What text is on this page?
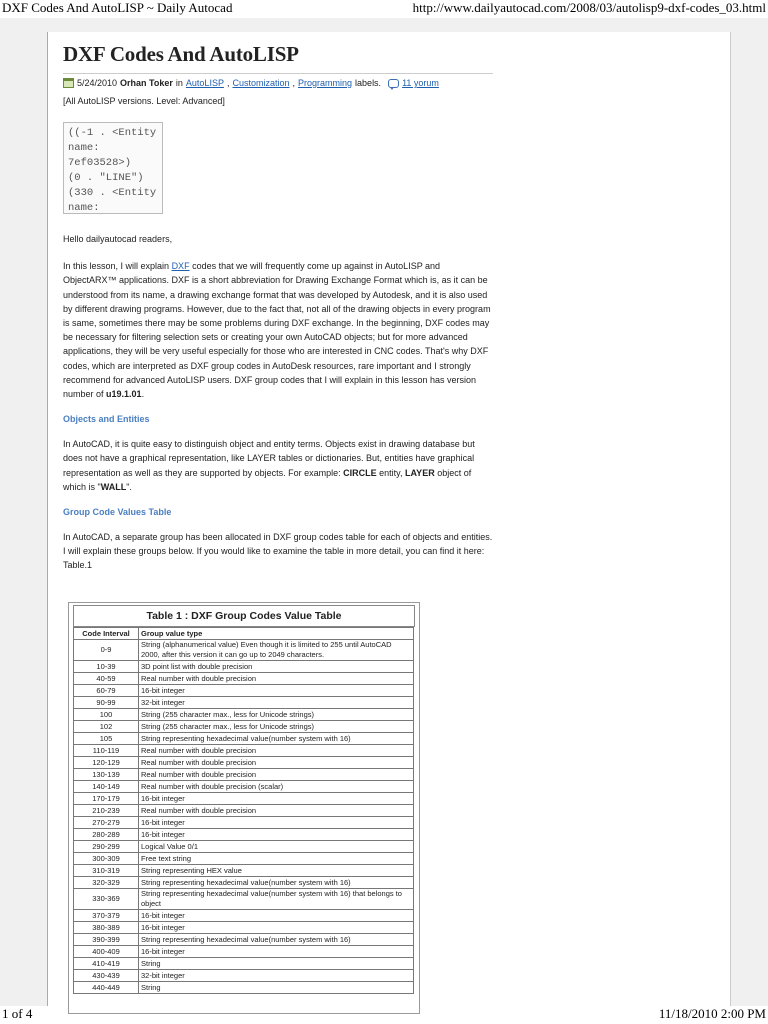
DXF Codes And AutoLISP ~ Daily Autocad	http://www.dailyautocad.com/2008/03/autolisp9-dxf-codes_03.html
DXF Codes And AutoLISP
5/24/2010 Orhan Toker in AutoLISP , Customization , Programming labels. 11 yorum

[All AutoLISP versions. Level: Advanced]

((-1 . <Entity
name:
7ef03528>)
(0 . "LINE")
(330 . <Entity
name:

Hello dailyautocad readers,

In this lesson, I will explain DXF codes that we will frequently come up against in AutoLISP and ObjectARX™ applications. DXF is a short abbreviation for Drawing Exchange Format which is, as it can be understood from its name, a drawing exchange format that was developed by Autodesk, and it is also used by different drawing programs. However, due to the fact that, not all of the drawing objects in every program is same, sometimes there may be some problems during DXF exchange. In the beginning, DXF codes may be necessary for filtering selection sets or creating your own AutoCAD objects; but for more advanced applications, they will be very useful especially for those who are interested in CNC codes. That's why DXF codes, which are interpreted as DXF group codes in AutoDesk resources, rare important and I strongly recommend for advanced AutoLISP users. DXF group codes that I will explain in this lesson has version number of u19.1.01.

Objects and Entities

In AutoCAD, it is quite easy to distinguish object and entity terms. Objects exist in drawing database but does not have a graphical representation, like LAYER tables or dictionaries. But, entities have graphical representation as well as they are supported by objects. For example: CIRCLE entity, LAYER object of which is "WALL".

Group Code Values Table

In AutoCAD, a separate group has been allocated in DXF group codes table for each of objects and entities. I will explain these groups below. If you would like to examine the table in more detail, you can find it here: Table.1

Table 1 : DXF Group Codes Value Table
Code Interval	Group value type
0-9	String (alphanumerical value) Even though it is limited to 255 until AutoCAD 2000, after this version it can go up to 2049 characters.
10-39	3D point list with double precision
40-59	Real number with double precision
60-79	16-bit integer
90-99	32-bit integer
100	String (255 character max., less for Unicode strings)
102	String (255 character max., less for Unicode strings)
105	String representing hexadecimal value(number system with 16)
110-119	Real number with double precision
120-129	Real number with double precision
130-139	Real number with double precision
140-149	Real number with double precision (scalar)
170-179	16-bit integer
210-239	Real number with double precision
270-279	16-bit integer
280-289	16-bit integer
290-299	Logical Value 0/1
300-309	Free text string
310-319	String representing HEX value
320-329	String representing hexadecimal value(number system with 16)
330-369	String representing hexadecimal value(number system with 16) that belongs to object
370-379	16-bit integer
380-389	16-bit integer
390-399	String representing hexadecimal value(number system with 16)
400-409	16-bit integer
410-419	String
430-439	32-bit integer
440-449	String
1 of 4	11/18/2010 2:00 PM
